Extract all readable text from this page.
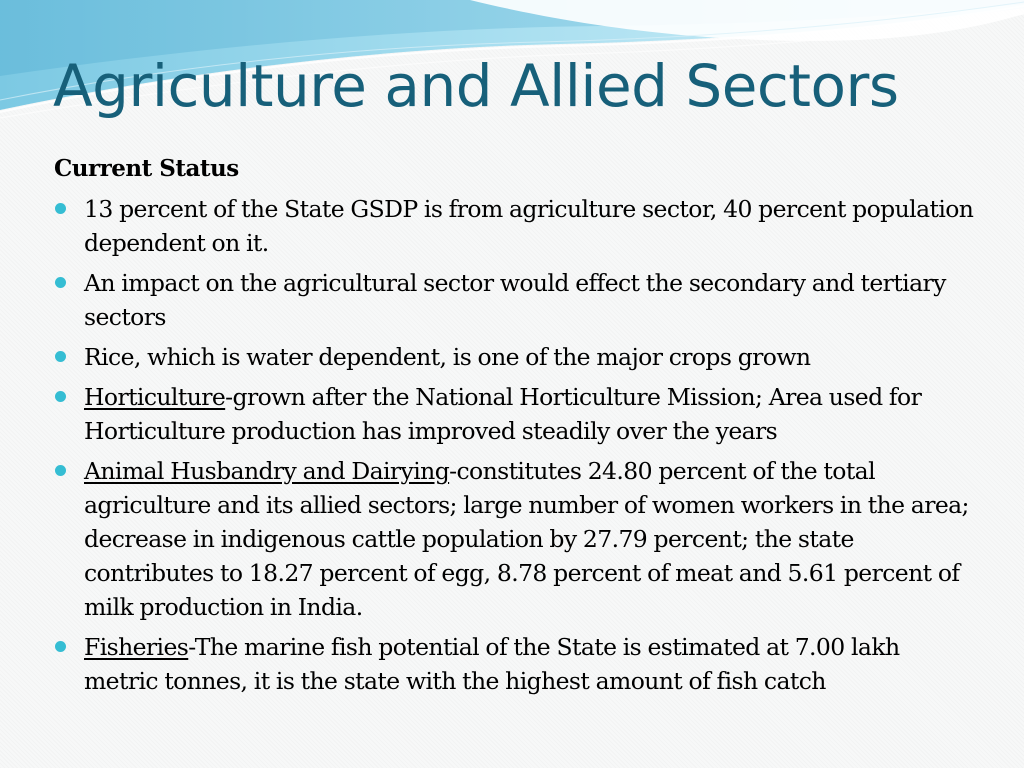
Agriculture and Allied Sectors
Current Status
13 percent of the State GSDP is from agriculture sector, 40 percent population dependent on it.
An impact on the agricultural sector would effect the secondary and tertiary sectors
Rice, which is water dependent, is one of the major crops grown
Horticulture-grown after the National Horticulture Mission; Area used for Horticulture production has improved steadily over the years
Animal Husbandry and Dairying-constitutes 24.80 percent of the total agriculture and its allied sectors; large number of women workers in the area; decrease in indigenous cattle population by 27.79 percent; the state contributes to 18.27 percent of egg, 8.78 percent of meat and 5.61 percent of milk production in India.
Fisheries-The marine fish potential of the State is estimated at 7.00 lakh metric tonnes, it is the state with the highest amount of fish catch
